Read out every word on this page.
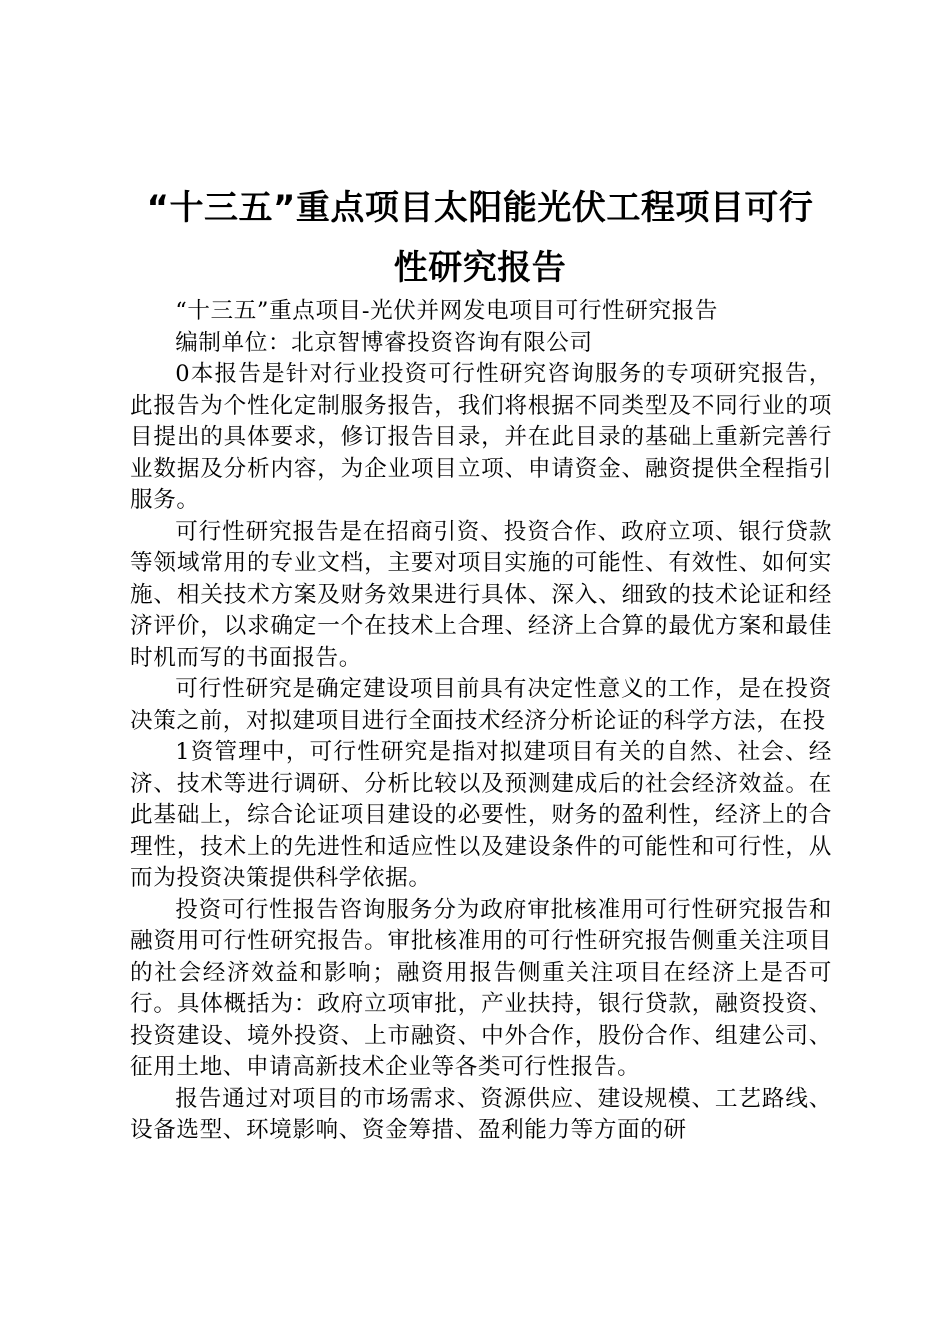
“十三五”重点项目太阳能光伏工程项目可行性研究报告

“十三五”重点项目-光伏并网发电项目可行性研究报告

编制单位：北京智博睿投资咨询有限公司

0本报告是针对行业投资可行性研究咨询服务的专项研究报告，此报告为个性化定制服务报告，我们将根据不同类型及不同行业的项目提出的具体要求，修订报告目录，并在此目录的基础上重新完善行业数据及分析内容，为企业项目立项、申请资金、融资提供全程指引服务。

可行性研究报告是在招商引资、投资合作、政府立项、银行贷款等领域常用的专业文档，主要对项目实施的可能性、有效性、如何实施、相关技术方案及财务效果进行具体、深入、细致的技术论证和经济评价，以求确定一个在技术上合理、经济上合算的最优方案和最佳时机而写的书面报告。

可行性研究是确定建设项目前具有决定性意义的工作，是在投资决策之前，对拟建项目进行全面技术经济分析论证的科学方法，在投

1资管理中，可行性研究是指对拟建项目有关的自然、社会、经济、技术等进行调研、分析比较以及预测建成后的社会经济效益。在此基础上，综合论证项目建设的必要性，财务的盈利性，经济上的合理性，技术上的先进性和适应性以及建设条件的可能性和可行性，从而为投资决策提供科学依据。

投资可行性报告咨询服务分为政府审批核准用可行性研究报告和融资用可行性研究报告。审批核准用的可行性研究报告侧重关注项目的社会经济效益和影响；融资用报告侧重关注项目在经济上是否可行。具体概括为：政府立项审批，产业扶持，银行贷款，融资投资、投资建设、境外投资、上市融资、中外合作，股份合作、组建公司、征用土地、申请高新技术企业等各类可行性报告。

报告通过对项目的市场需求、资源供应、建设规模、工艺路线、设备选型、环境影响、资金筹措、盈利能力等方面的研
